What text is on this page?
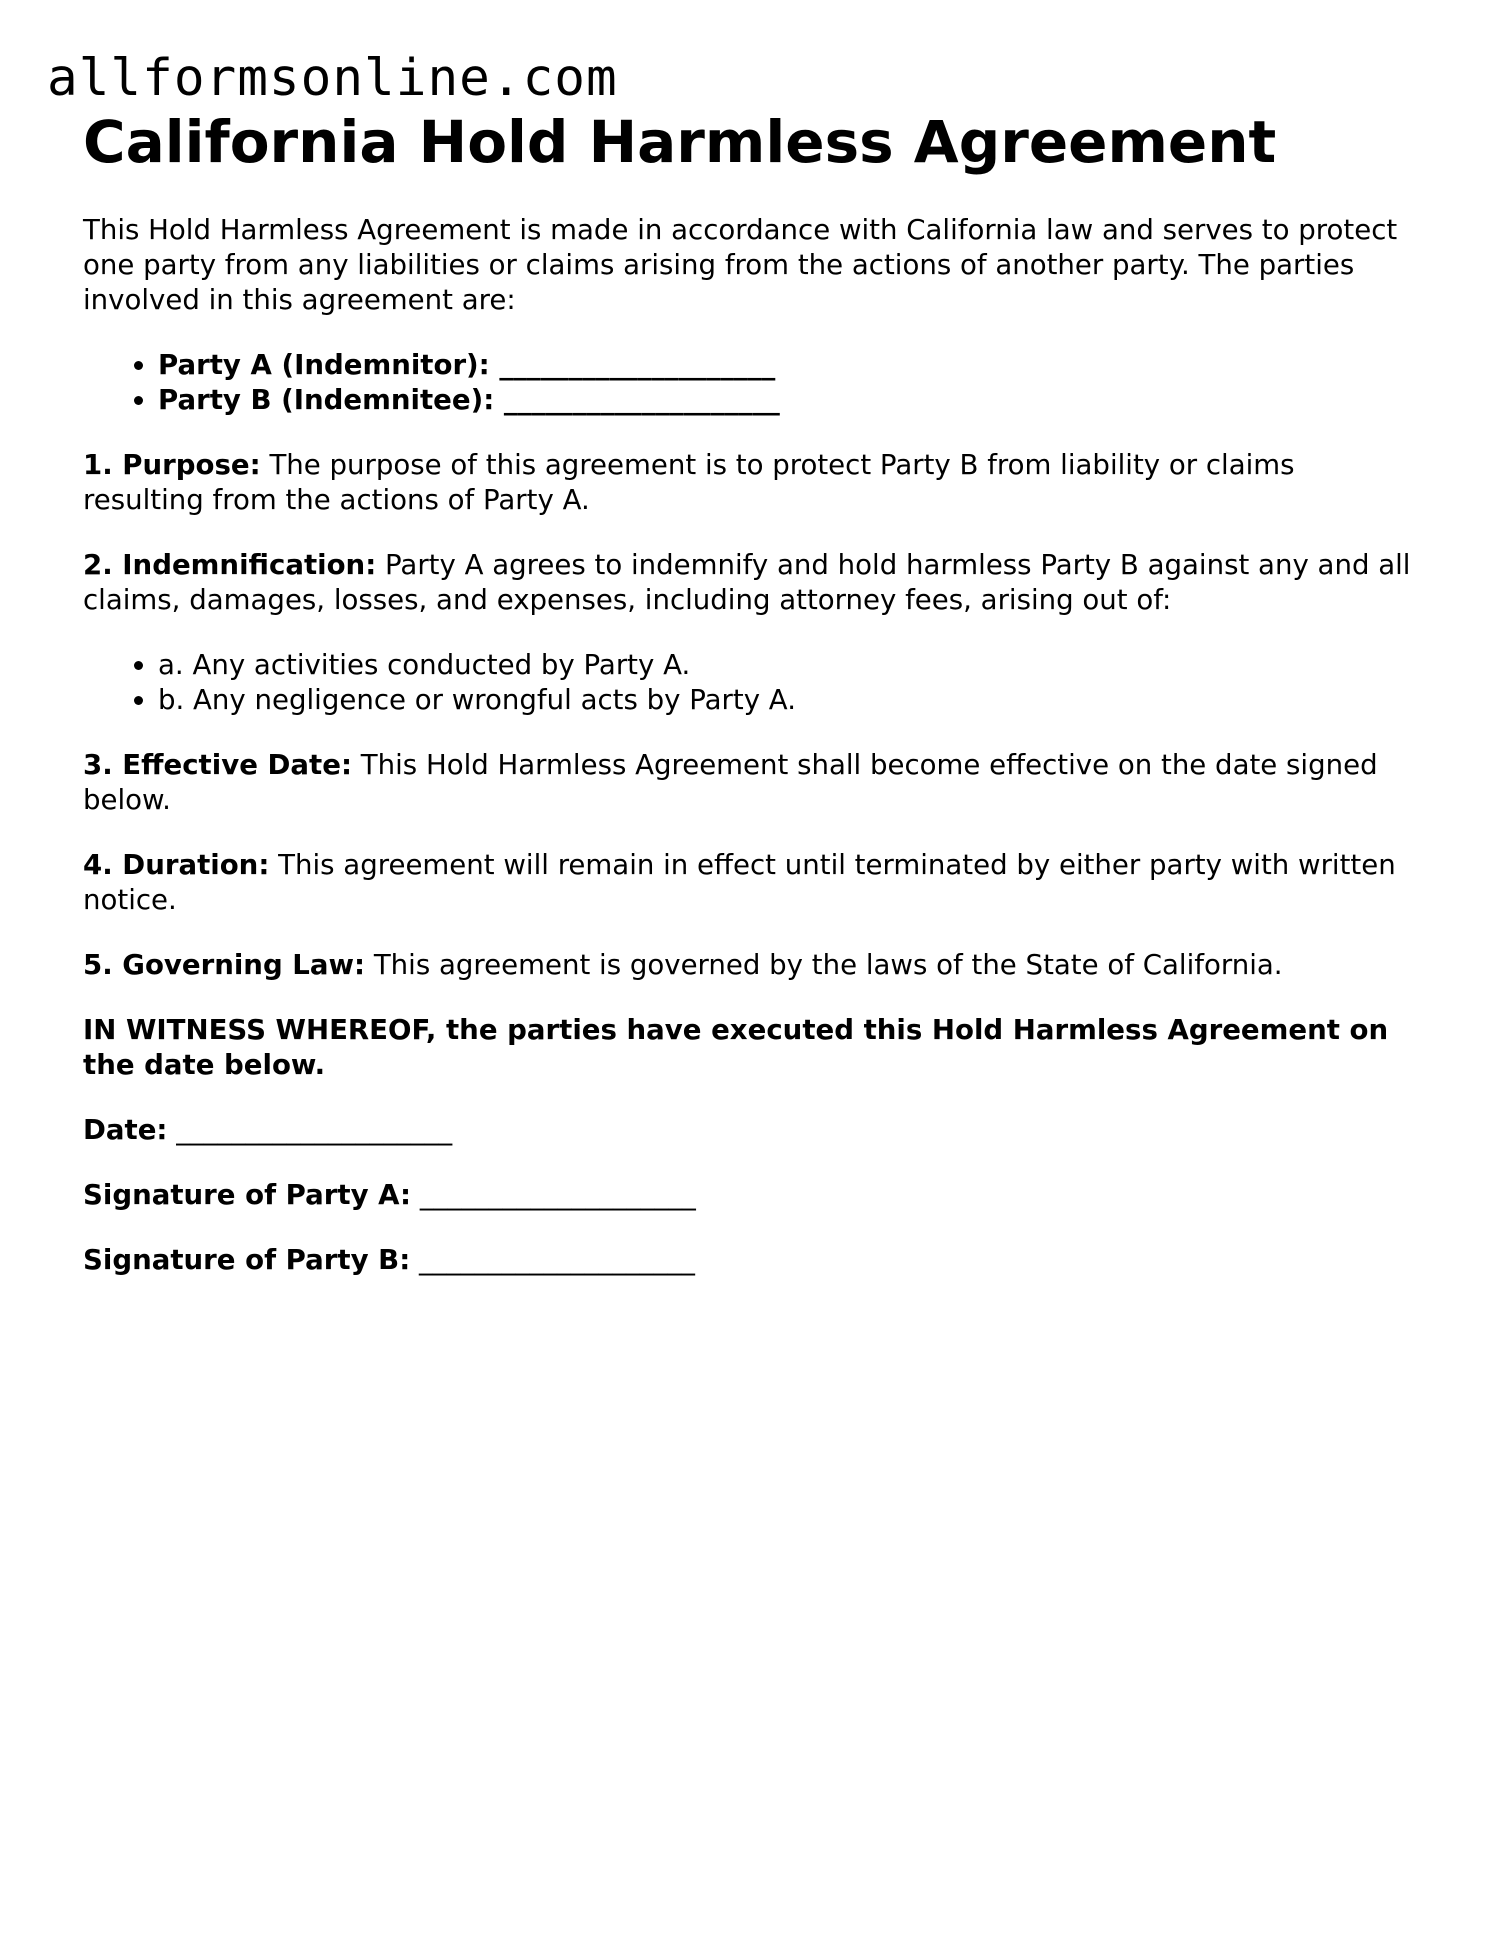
allformsonline.com
California Hold Harmless Agreement

This Hold Harmless Agreement is made in accordance with California law and serves to protect one party from any liabilities or claims arising from the actions of another party. The parties involved in this agreement are:

• Party A (Indemnitor): ____________________
• Party B (Indemnitee): ____________________

1. Purpose: The purpose of this agreement is to protect Party B from liability or claims resulting from the actions of Party A.

2. Indemnification: Party A agrees to indemnify and hold harmless Party B against any and all claims, damages, losses, and expenses, including attorney fees, arising out of:

• a. Any activities conducted by Party A.
• b. Any negligence or wrongful acts by Party A.

3. Effective Date: This Hold Harmless Agreement shall become effective on the date signed below.

4. Duration: This agreement will remain in effect until terminated by either party with written notice.

5. Governing Law: This agreement is governed by the laws of the State of California.

IN WITNESS WHEREOF, the parties have executed this Hold Harmless Agreement on the date below.

Date: ____________________

Signature of Party A: ____________________

Signature of Party B: ____________________
